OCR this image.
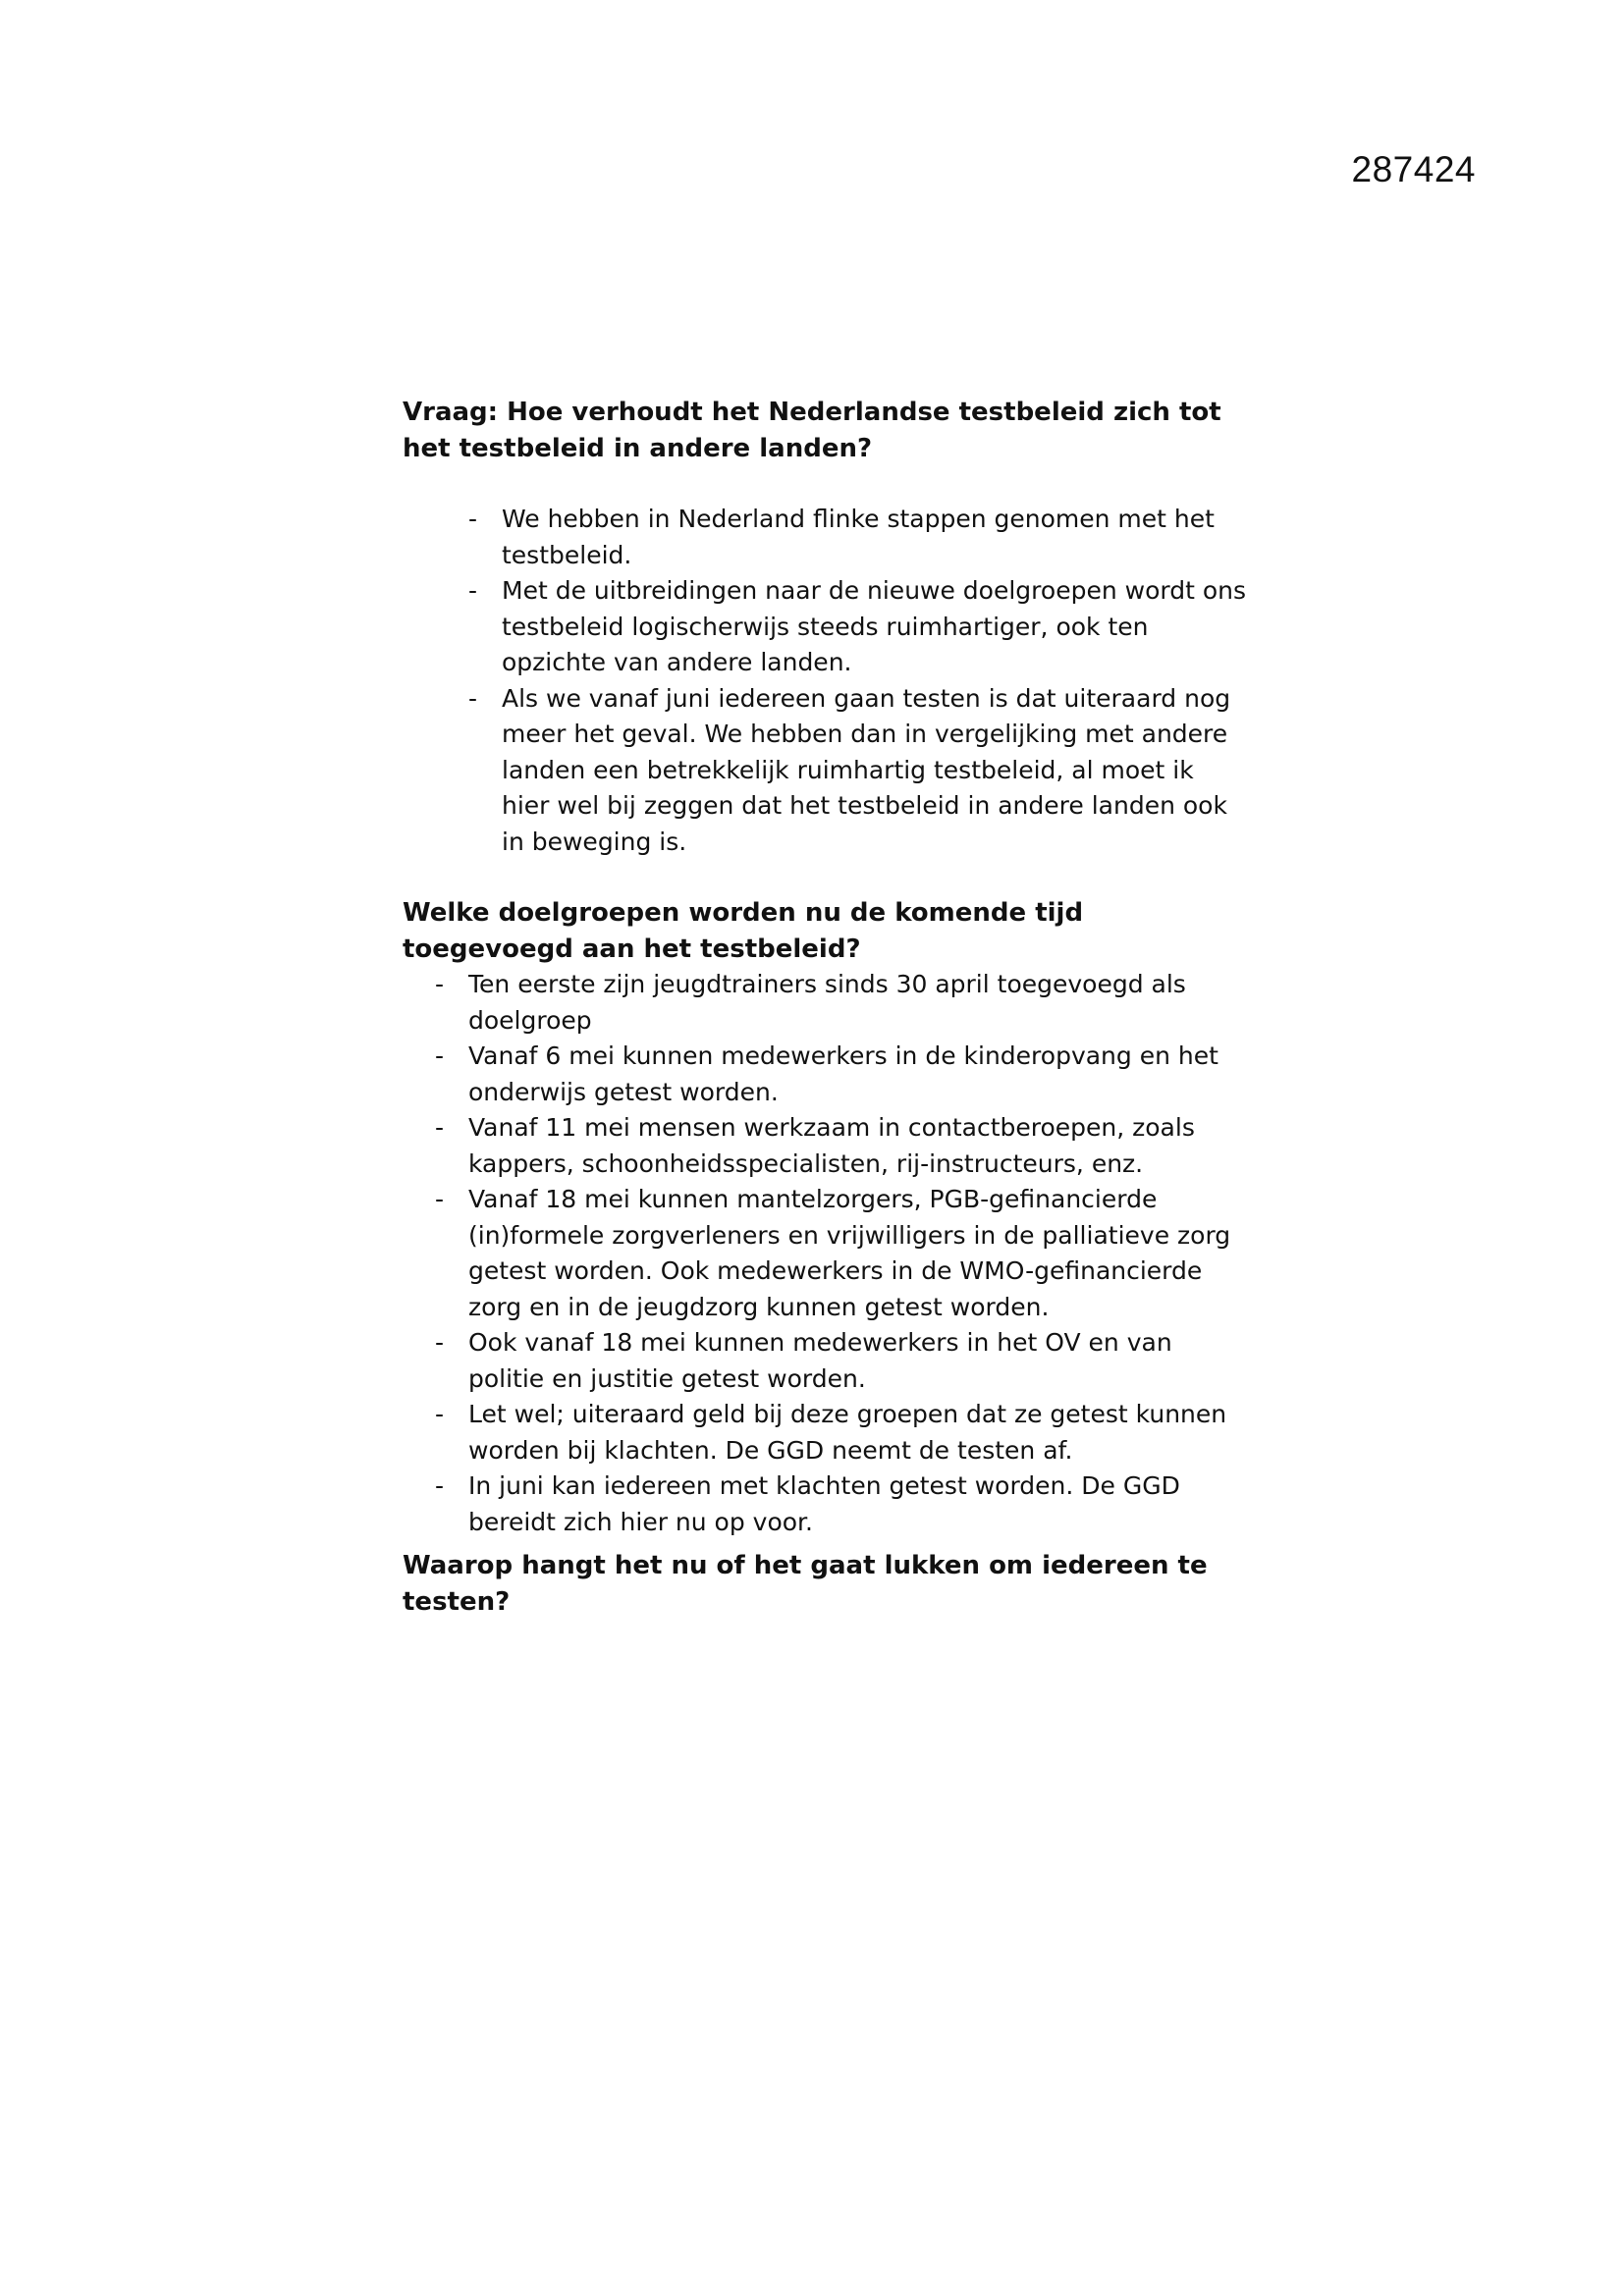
287424
Vraag: Hoe verhoudt het Nederlandse testbeleid zich tot het testbeleid in andere landen?
- We hebben in Nederland flinke stappen genomen met het testbeleid.
- Met de uitbreidingen naar de nieuwe doelgroepen wordt ons testbeleid logischerwijs steeds ruimhartiger, ook ten opzichte van andere landen.
- Als we vanaf juni iedereen gaan testen is dat uiteraard nog meer het geval. We hebben dan in vergelijking met andere landen een betrekkelijk ruimhartig testbeleid, al moet ik hier wel bij zeggen dat het testbeleid in andere landen ook in beweging is.
Welke doelgroepen worden nu de komende tijd toegevoegd aan het testbeleid?
- Ten eerste zijn jeugdtrainers sinds 30 april toegevoegd als doelgroep
- Vanaf 6 mei kunnen medewerkers in de kinderopvang en het onderwijs getest worden.
- Vanaf 11 mei mensen werkzaam in contactberoepen, zoals kappers, schoonheidsspecialisten, rij-instructeurs, enz.
- Vanaf 18 mei kunnen mantelzorgers, PGB-gefinancierde (in)formele zorgverleners en vrijwilligers in de palliatieve zorg getest worden. Ook medewerkers in de WMO-gefinancierde zorg en in de jeugdzorg kunnen getest worden.
- Ook vanaf 18 mei kunnen medewerkers in het OV en van politie en justitie getest worden.
- Let wel; uiteraard geld bij deze groepen dat ze getest kunnen worden bij klachten. De GGD neemt de testen af.
- In juni kan iedereen met klachten getest worden. De GGD bereidt zich hier nu op voor.
Waarop hangt het nu of het gaat lukken om iedereen te testen?
